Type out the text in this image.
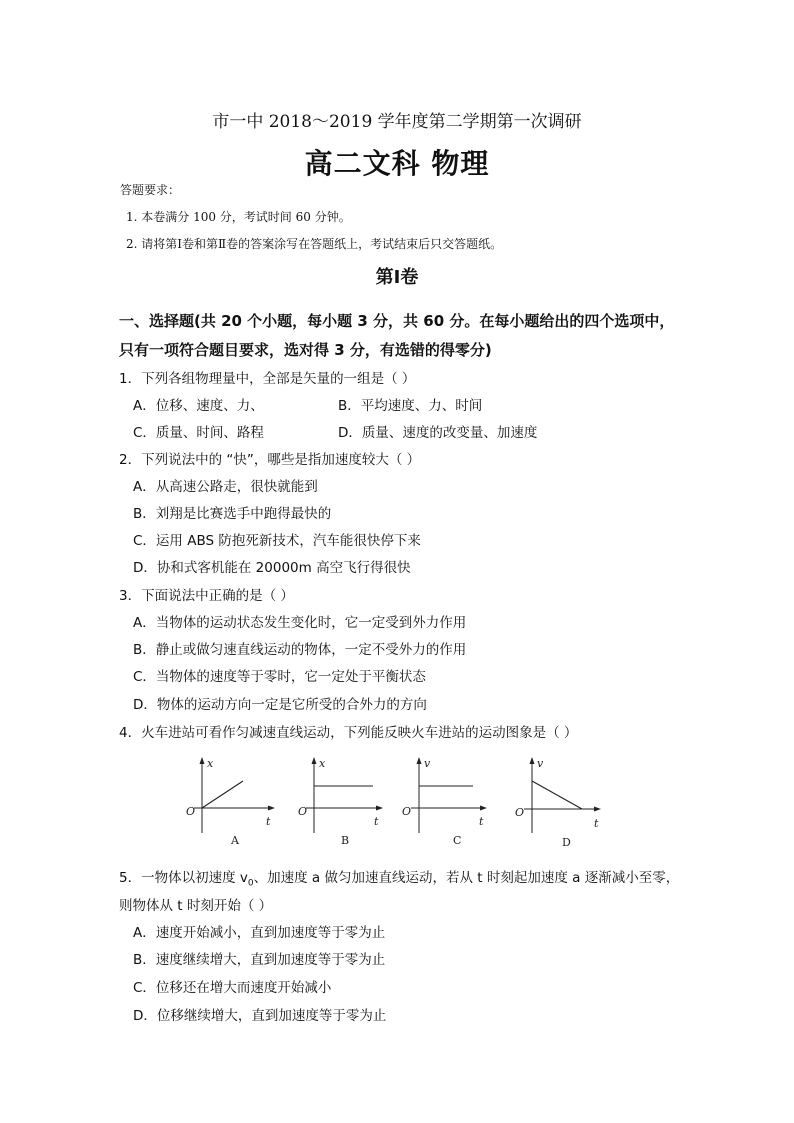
市一中 2018～2019 学年度第二学期第一次调研
高二文科 物理
答题要求：
1. 本卷满分 100 分，考试时间 60 分钟。
2. 请将第Ⅰ卷和第Ⅱ卷的答案涂写在答题纸上，考试结束后只交答题纸。
第Ⅰ卷
一、选择题(共 20 个小题，每小题 3 分，共 60 分。在每小题给出的四个选项中，
只有一项符合题目要求，选对得 3 分，有选错的得零分)
1．下列各组物理量中，全部是矢量的一组是（ ）
A．位移、速度、力、	B．平均速度、力、时间
C．质量、时间、路程	D．质量、速度的改变量、加速度
2．下列说法中的 “快”，哪些是指加速度较大（ ）
A．从高速公路走，很快就能到
B．刘翔是比赛选手中跑得最快的
C．运用 ABS 防抱死新技术，汽车能很快停下来
D．协和式客机能在 20000m 高空飞行得很快
3．下面说法中正确的是（ ）
A．当物体的运动状态发生变化时，它一定受到外力作用
B．静止或做匀速直线运动的物体，一定不受外力的作用
C．当物体的速度等于零时，它一定处于平衡状态
D．物体的运动方向一定是它所受的合外力的方向
4．火车进站可看作匀减速直线运动，下列能反映火车进站的运动图象是（ ）
x
t
O
A
x
t
O
B
v
t
O
C
v
t
O
D
5．一物体以初速度 $v_0$、加速度 a 做匀加速直线运动，若从 t 时刻起加速度 a 逐渐减小至零，
则物体从 t 时刻开始（ ）
A．速度开始减小，直到加速度等于零为止
B．速度继续增大，直到加速度等于零为止
C．位移还在增大而速度开始减小
D．位移继续增大，直到加速度等于零为止
